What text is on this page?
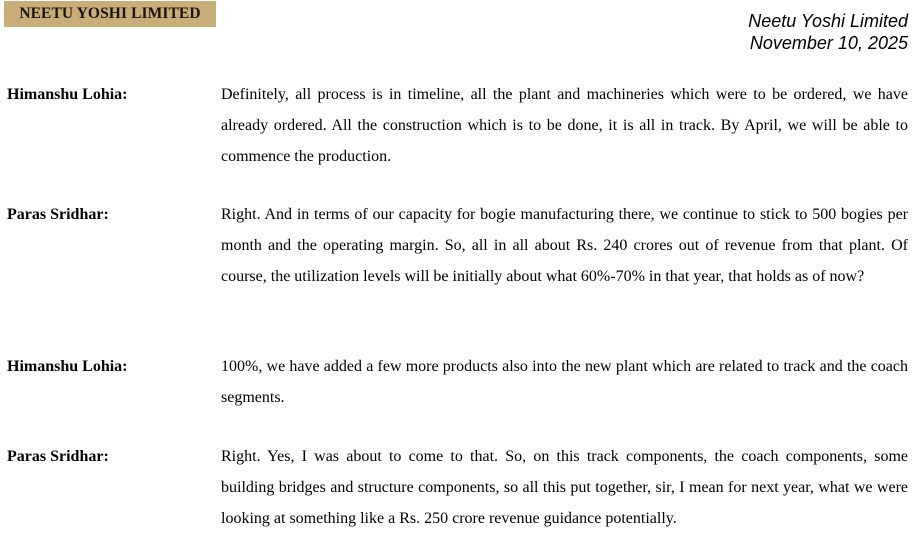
NEETU YOSHI LIMITED	Neetu Yoshi Limited
November 10, 2025
Himanshu Lohia:	Definitely, all process is in timeline, all the plant and machineries which were to be ordered, we have already ordered. All the construction which is to be done, it is all in track. By April, we will be able to commence the production.
Paras Sridhar:	Right. And in terms of our capacity for bogie manufacturing there, we continue to stick to 500 bogies per month and the operating margin. So, all in all about Rs. 240 crores out of revenue from that plant. Of course, the utilization levels will be initially about what 60%-70% in that year, that holds as of now?
Himanshu Lohia:	100%, we have added a few more products also into the new plant which are related to track and the coach segments.
Paras Sridhar:	Right. Yes, I was about to come to that. So, on this track components, the coach components, some building bridges and structure components, so all this put together, sir, I mean for next year, what we were looking at something like a Rs. 250 crore revenue guidance potentially.
